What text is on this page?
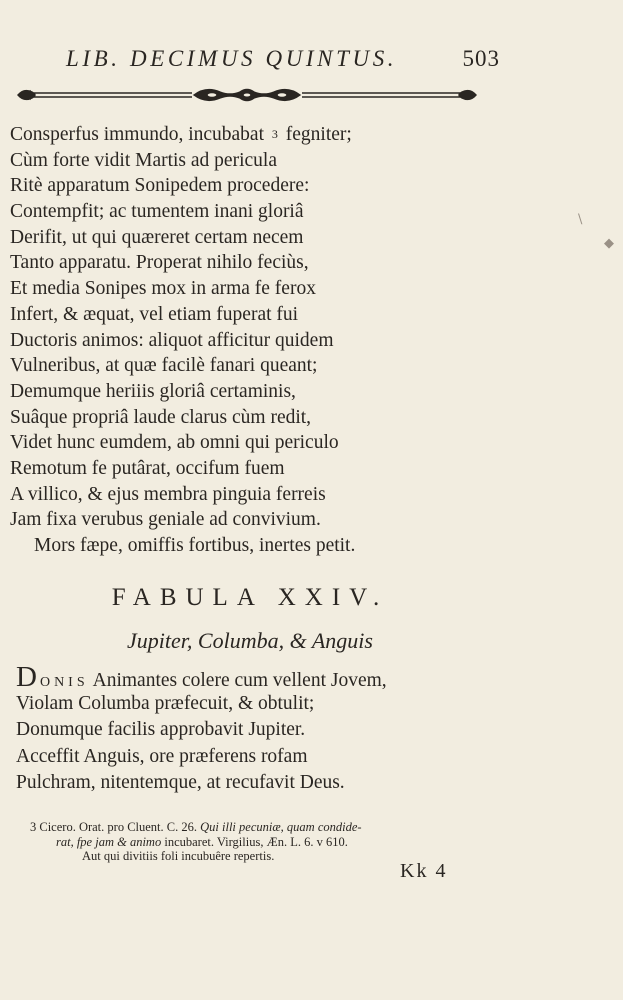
LIB. DECIMUS QUINTUS.	503
Consperfus immundo, incubabat 3 fegniter;
Cùm forte vidit Martis ad pericula
Ritè apparatum Sonipedem procedere:
Contempfit; ac tumentem inani gloriâ
Derifit, ut qui quæreret certam necem
Tanto apparatu. Properat nihilo feciùs,
Et media Sonipes mox in arma fe ferox
Infert, & æquat, vel etiam fuperat fui
Ductoris animos: aliquot afficitur quidem
Vulneribus, at quæ facilè fanari queant;
Demumque heriiis gloriâ certaminis,
Suâque propriâ laude clarus cùm redit,
Videt hunc eumdem, ab omni qui periculo
Remotum fe putârat, occifum fuem
A villico, & ejus membra pinguia ferreis
Jam fixa verubus geniale ad convivium.
Mors fæpe, omiffis fortibus, inertes petit.
\
◆
FABULA XXIV.
Jupiter, Columba, & Anguis
D onis Animantes colere cum vellent Jovem,
Violam Columba præfecuit, & obtulit;
Donumque facilis approbavit Jupiter.
Acceffit Anguis, ore præferens rofam
Pulchram, nitentemque, at recufavit Deus.
3 Cicero. Orat. pro Cluent. C. 26. Qui illi pecuniæ, quam condide-
rat, fpe jam & animo incubaret. Virgilius, Æn. L. 6. v 610.
Aut qui divitiis foli incubuêre repertis.
Kk 4
